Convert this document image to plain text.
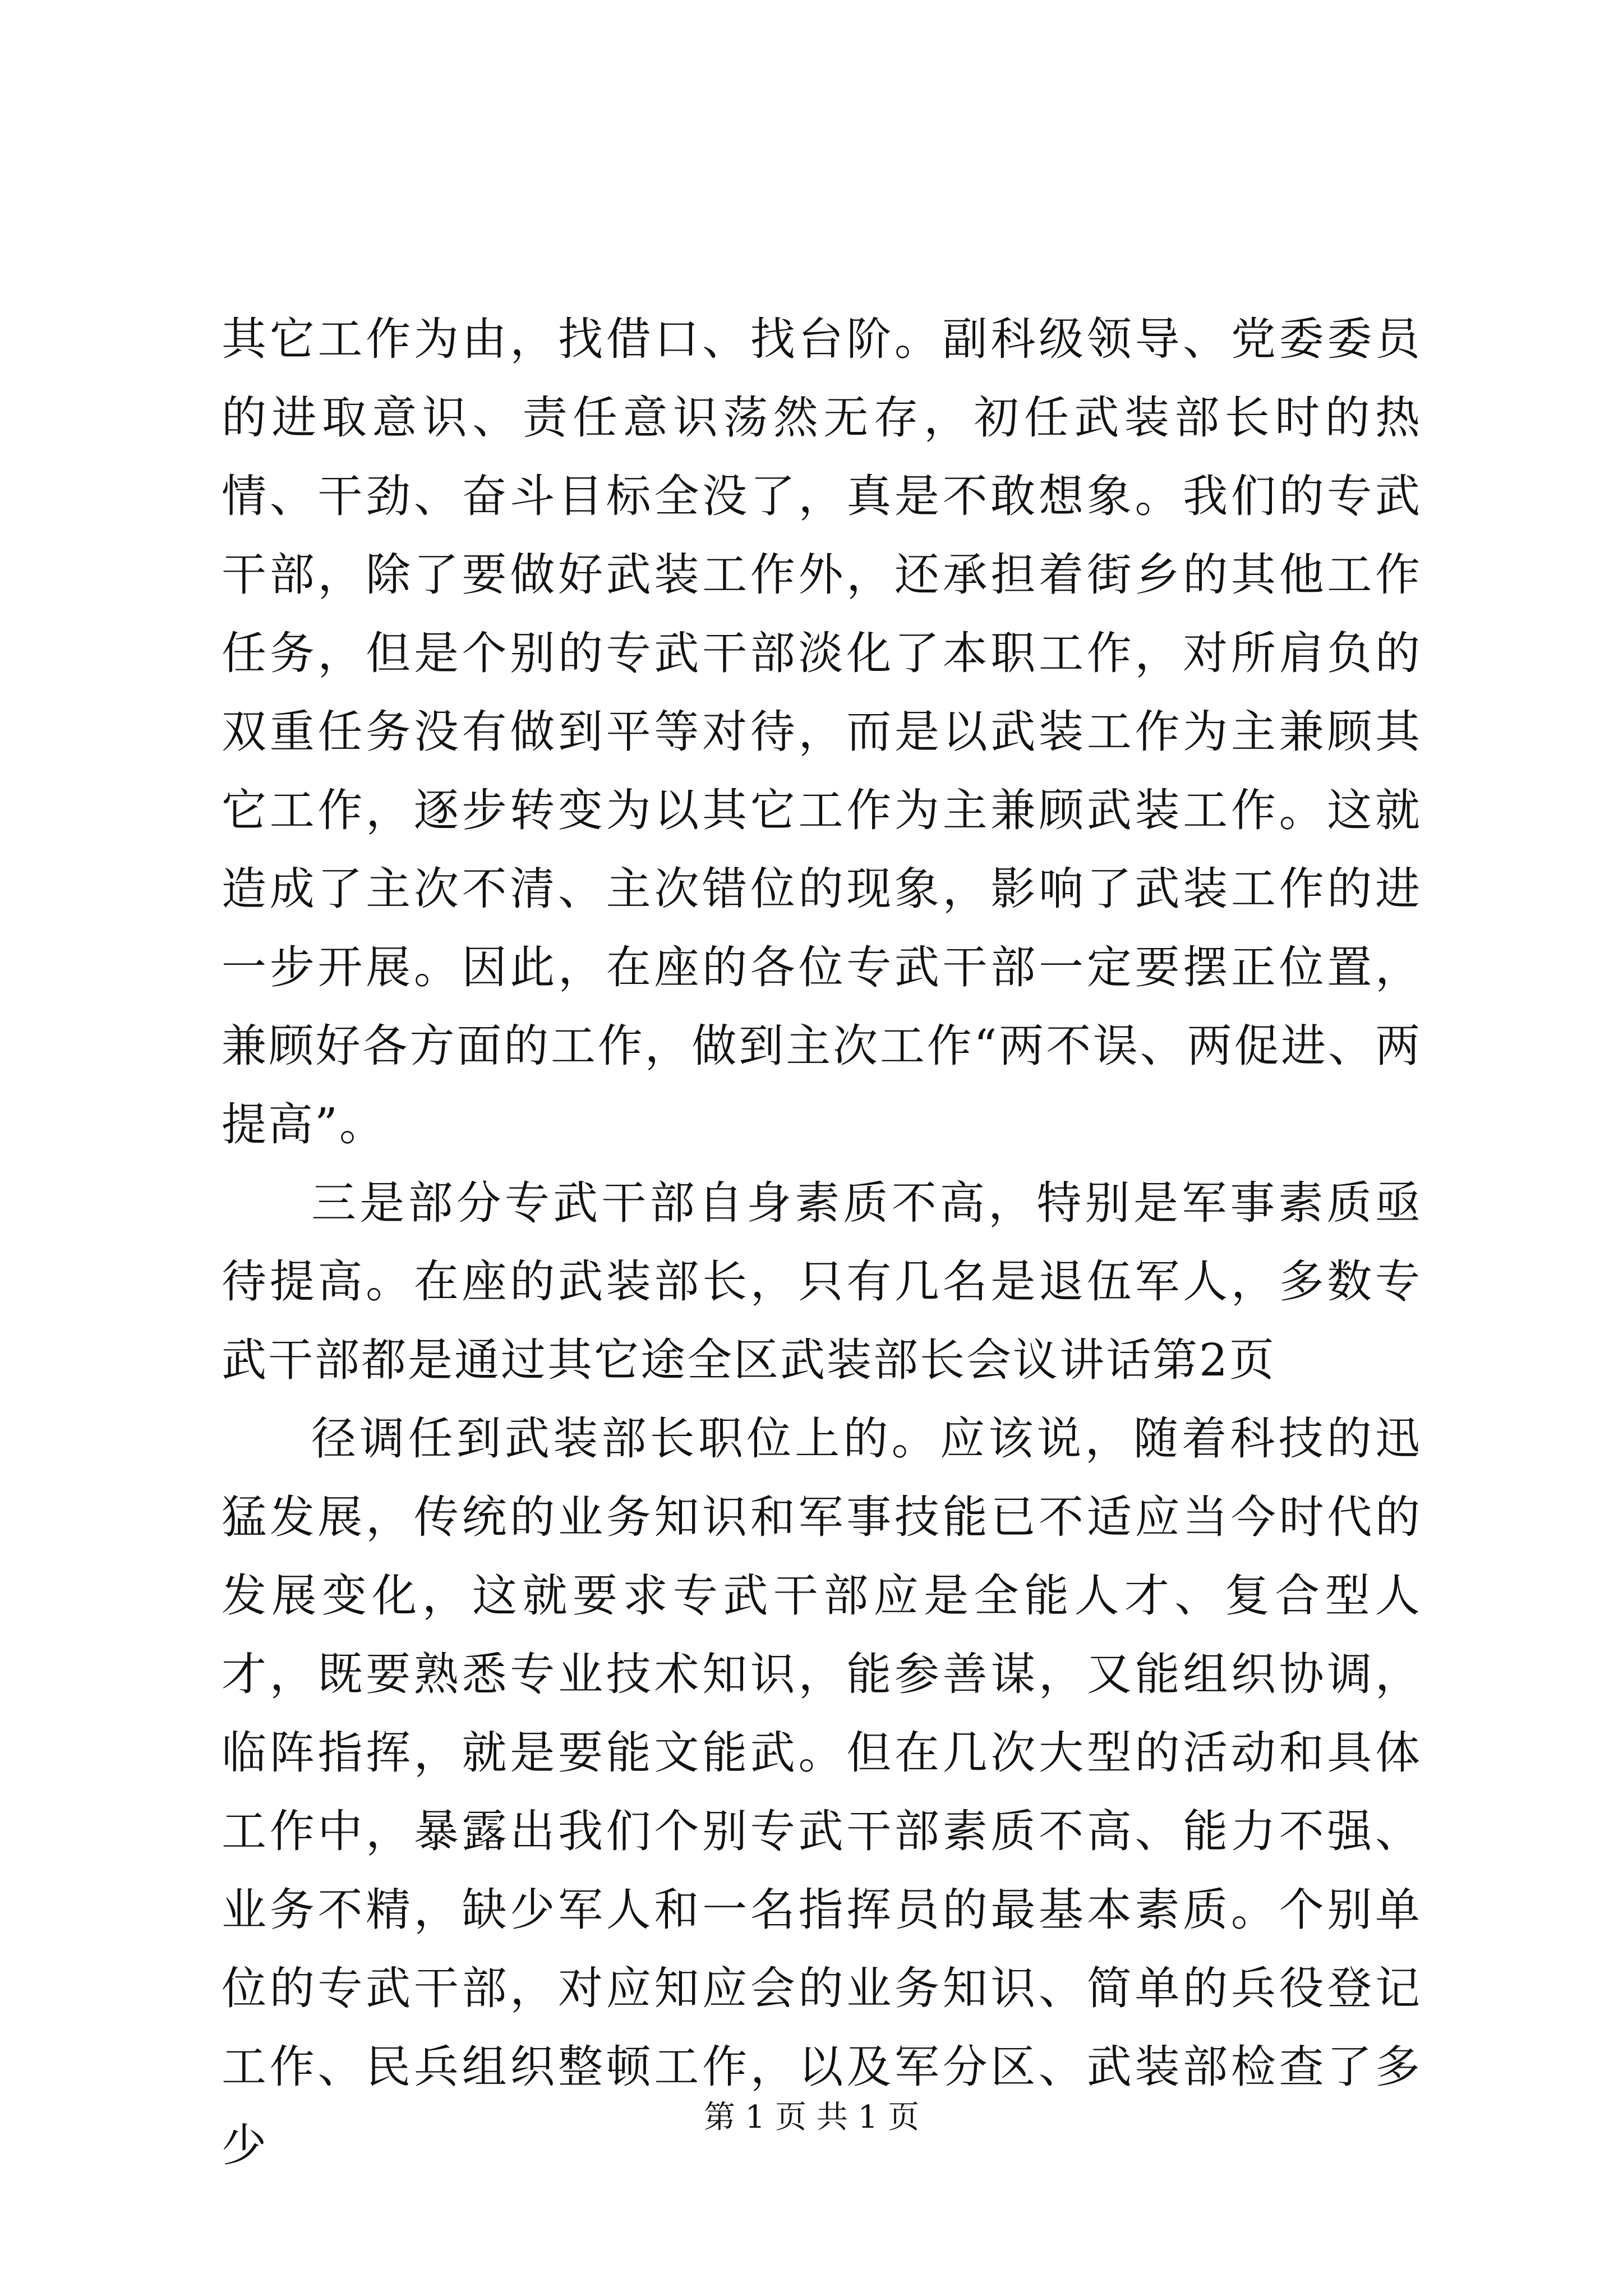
其它工作为由，找借口、找台阶。副科级领导、党委委员的进取意识、责任意识荡然无存，初任武装部长时的热情、干劲、奋斗目标全没了，真是不敢想象。我们的专武干部，除了要做好武装工作外，还承担着街乡的其他工作任务，但是个别的专武干部淡化了本职工作，对所肩负的双重任务没有做到平等对待，而是以武装工作为主兼顾其它工作，逐步转变为以其它工作为主兼顾武装工作。这就造成了主次不清、主次错位的现象，影响了武装工作的进一步开展。因此，在座的各位专武干部一定要摆正位置，兼顾好各方面的工作，做到主次工作“两不误、两促进、两提高”。

三是部分专武干部自身素质不高，特别是军事素质亟待提高。在座的武装部长，只有几名是退伍军人，多数专武干部都是通过其它途全区武装部长会议讲话第2页

径调任到武装部长职位上的。应该说，随着科技的迅猛发展，传统的业务知识和军事技能已不适应当今时代的发展变化，这就要求专武干部应是全能人才、复合型人才，既要熟悉专业技术知识，能参善谋，又能组织协调，临阵指挥，就是要能文能武。但在几次大型的活动和具体工作中，暴露出我们个别专武干部素质不高、能力不强、业务不精，缺少军人和一名指挥员的最基本素质。个别单位的专武干部，对应知应会的业务知识、简单的兵役登记工作、民兵组织整顿工作，以及军分区、武装部检查了多少

第 1 页 共 1 页
